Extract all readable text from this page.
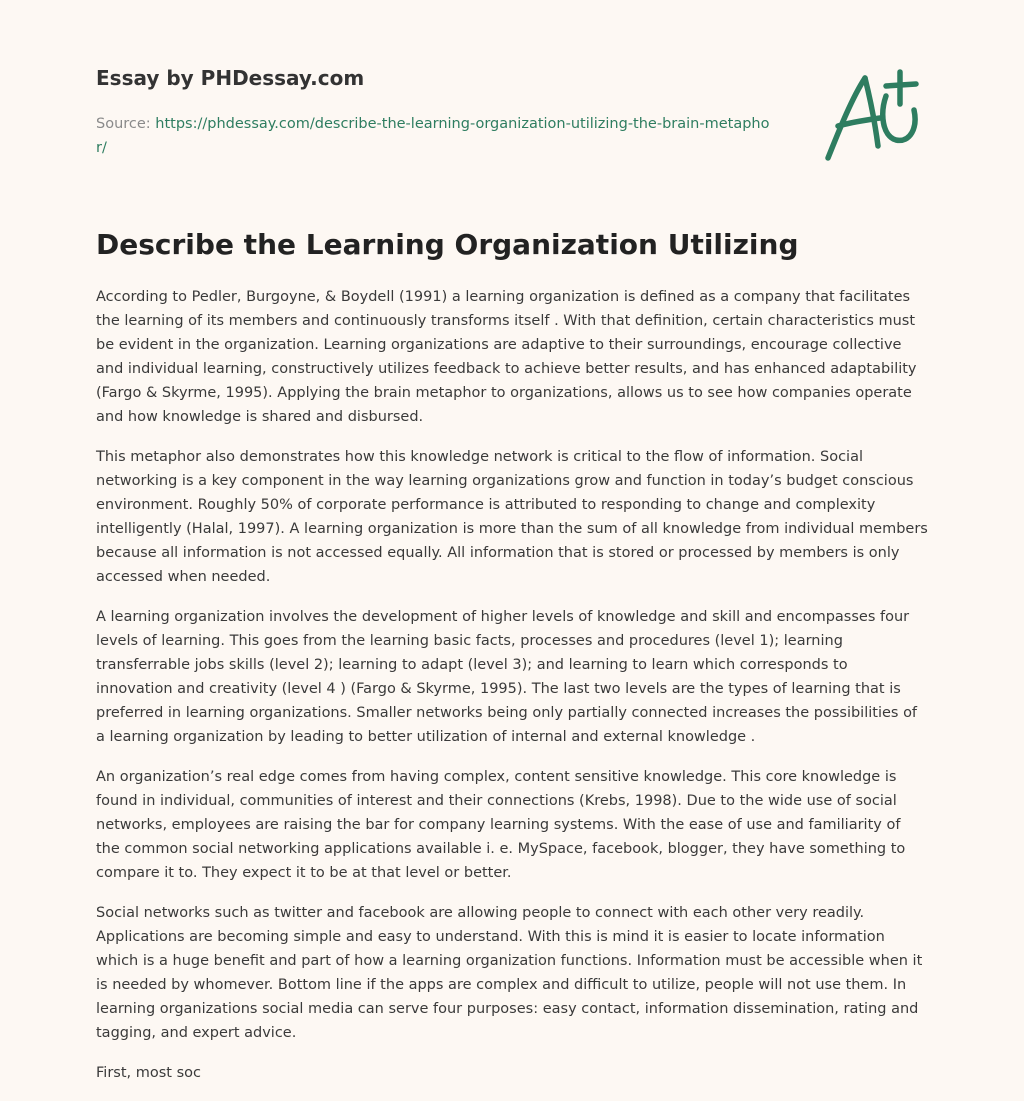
Essay by PHDessay.com
Source: https://phdessay.com/describe-the-learning-organization-utilizing-the-brain-metaphor/
Describe the Learning Organization Utilizing

According to Pedler, Burgoyne, & Boydell (1991) a learning organization is defined as a company that facilitates the learning of its members and continuously transforms itself . With that definition, certain characteristics must be evident in the organization. Learning organizations are adaptive to their surroundings, encourage collective and individual learning, constructively utilizes feedback to achieve better results, and has enhanced adaptability (Fargo & Skyrme, 1995). Applying the brain metaphor to organizations, allows us to see how companies operate and how knowledge is shared and disbursed.

This metaphor also demonstrates how this knowledge network is critical to the flow of information. Social networking is a key component in the way learning organizations grow and function in today’s budget conscious environment. Roughly 50% of corporate performance is attributed to responding to change and complexity intelligently (Halal, 1997). A learning organization is more than the sum of all knowledge from individual members because all information is not accessed equally. All information that is stored or processed by members is only accessed when needed.

A learning organization involves the development of higher levels of knowledge and skill and encompasses four levels of learning. This goes from the learning basic facts, processes and procedures (level 1); learning transferrable jobs skills (level 2); learning to adapt (level 3); and learning to learn which corresponds to innovation and creativity (level 4 ) (Fargo & Skyrme, 1995). The last two levels are the types of learning that is preferred in learning organizations. Smaller networks being only partially connected increases the possibilities of a learning organization by leading to better utilization of internal and external knowledge .

An organization’s real edge comes from having complex, content sensitive knowledge. This core knowledge is found in individual, communities of interest and their connections (Krebs, 1998). Due to the wide use of social networks, employees are raising the bar for company learning systems. With the ease of use and familiarity of the common social networking applications available i. e. MySpace, facebook, blogger, they have something to compare it to. They expect it to be at that level or better.

Social networks such as twitter and facebook are allowing people to connect with each other very readily. Applications are becoming simple and easy to understand. With this is mind it is easier to locate information which is a huge benefit and part of how a learning organization functions. Information must be accessible when it is needed by whomever. Bottom line if the apps are complex and difficult to utilize, people will not use them. In learning organizations social media can serve four purposes: easy contact, information dissemination, rating and tagging, and expert advice.

First, most soc
